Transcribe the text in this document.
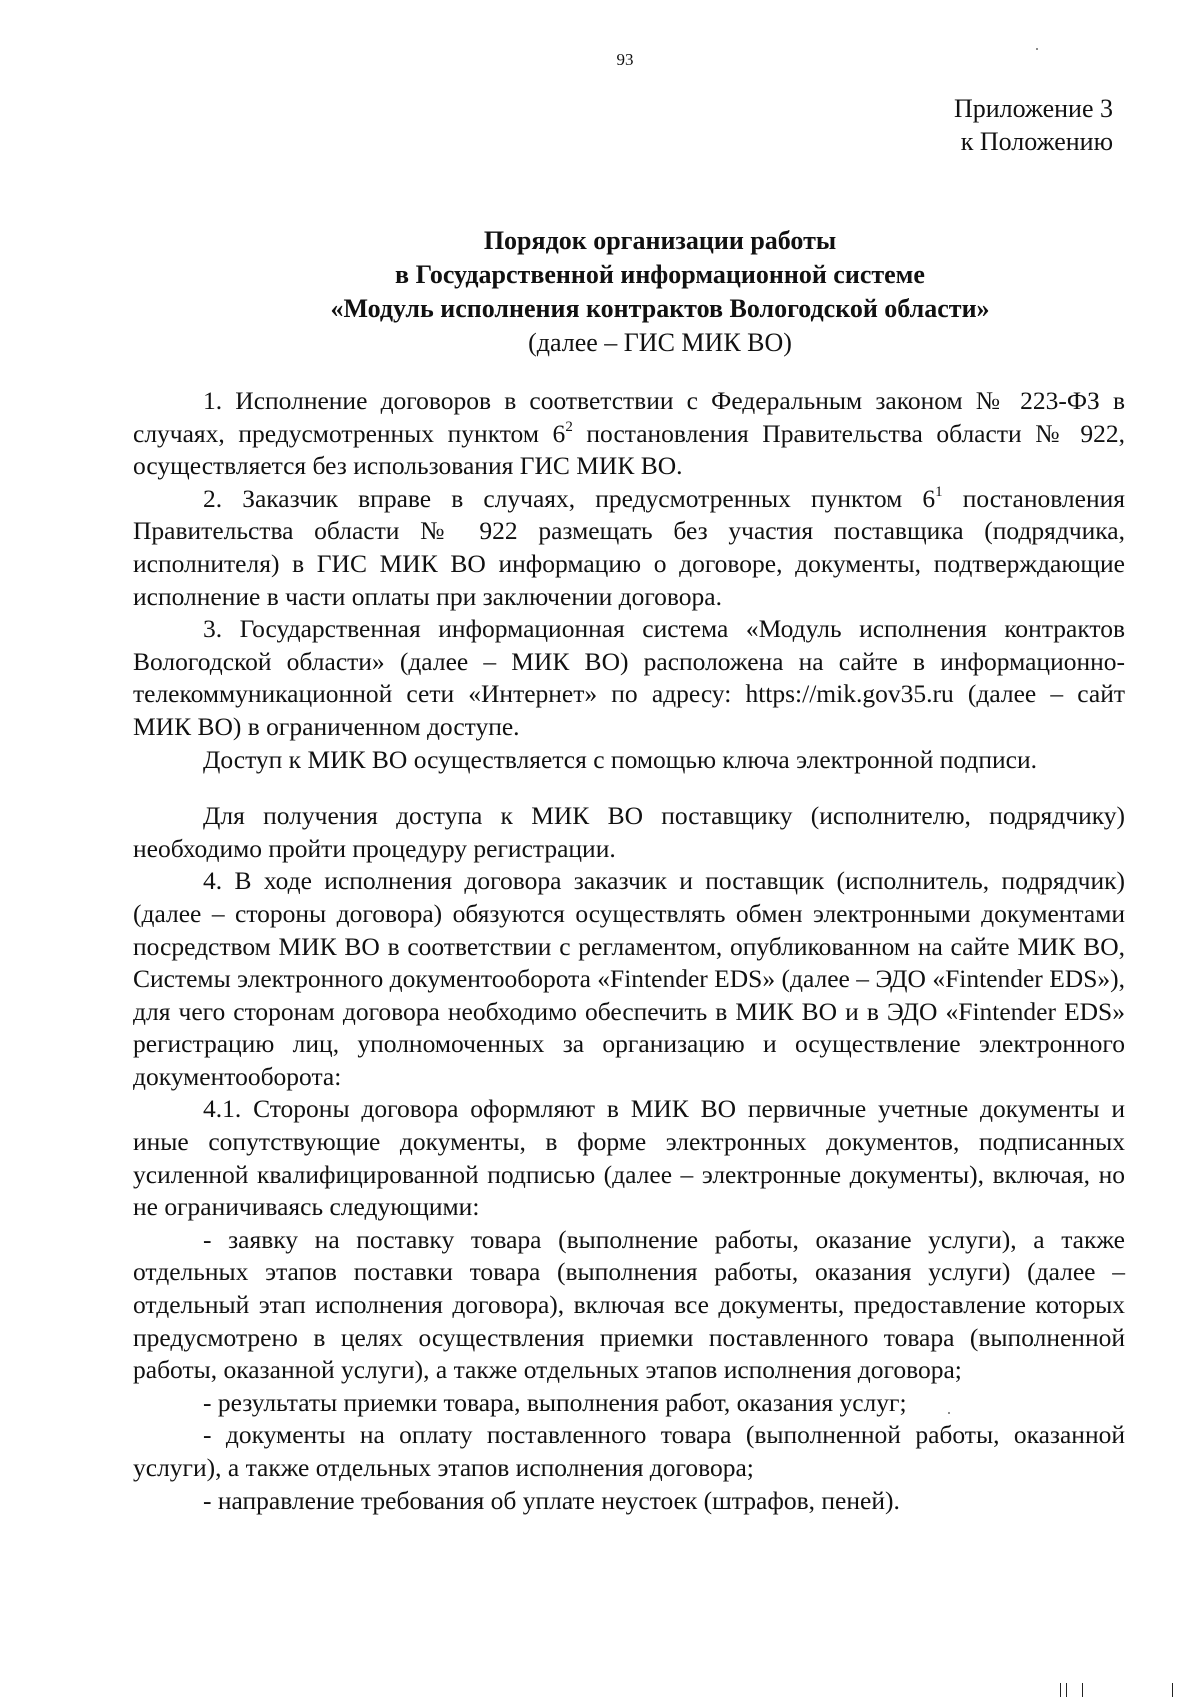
93
Приложение 3
к Положению
Порядок организации работы
в Государственной информационной системе
«Модуль исполнения контрактов Вологодской области»
(далее – ГИС МИК ВО)

1. Исполнение договоров в соответствии с Федеральным законом № 223-ФЗ в случаях, предусмотренных пунктом $6^2$ постановления Правительства области № 922, осуществляется без использования ГИС МИК ВО.

2. Заказчик вправе в случаях, предусмотренных пунктом $6^1$ постановления Правительства области № 922 размещать без участия поставщика (подрядчика, исполнителя) в ГИС МИК ВО информацию о договоре, документы, подтверждающие исполнение в части оплаты при заключении договора.

3. Государственная информационная система «Модуль исполнения контрактов Вологодской области» (далее – МИК ВО) расположена на сайте в информационно-телекоммуникационной сети «Интернет» по адресу: https://mik.gov35.ru (далее – сайт МИК ВО) в ограниченном доступе.

Доступ к МИК ВО осуществляется с помощью ключа электронной подписи.

Для получения доступа к МИК ВО поставщику (исполнителю, подрядчику) необходимо пройти процедуру регистрации.

4. В ходе исполнения договора заказчик и поставщик (исполнитель, подрядчик) (далее – стороны договора) обязуются осуществлять обмен электронными документами посредством МИК ВО в соответствии с регламентом, опубликованном на сайте МИК ВО, Системы электронного документооборота «Fintender EDS» (далее – ЭДО «Fintender EDS»), для чего сторонам договора необходимо обеспечить в МИК ВО и в ЭДО «Fintender EDS» регистрацию лиц, уполномоченных за организацию и осуществление электронного документооборота:

4.1. Стороны договора оформляют в МИК ВО первичные учетные документы и иные сопутствующие документы, в форме электронных документов, подписанных усиленной квалифицированной подписью (далее – электронные документы), включая, но не ограничиваясь следующими:

- заявку на поставку товара (выполнение работы, оказание услуги), а также отдельных этапов поставки товара (выполнения работы, оказания услуги) (далее – отдельный этап исполнения договора), включая все документы, предоставление которых предусмотрено в целях осуществления приемки поставленного товара (выполненной работы, оказанной услуги), а также отдельных этапов исполнения договора;

- результаты приемки товара, выполнения работ, оказания услуг;

- документы на оплату поставленного товара (выполненной работы, оказанной услуги), а также отдельных этапов исполнения договора;

- направление требования об уплате неустоек (штрафов, пеней).
